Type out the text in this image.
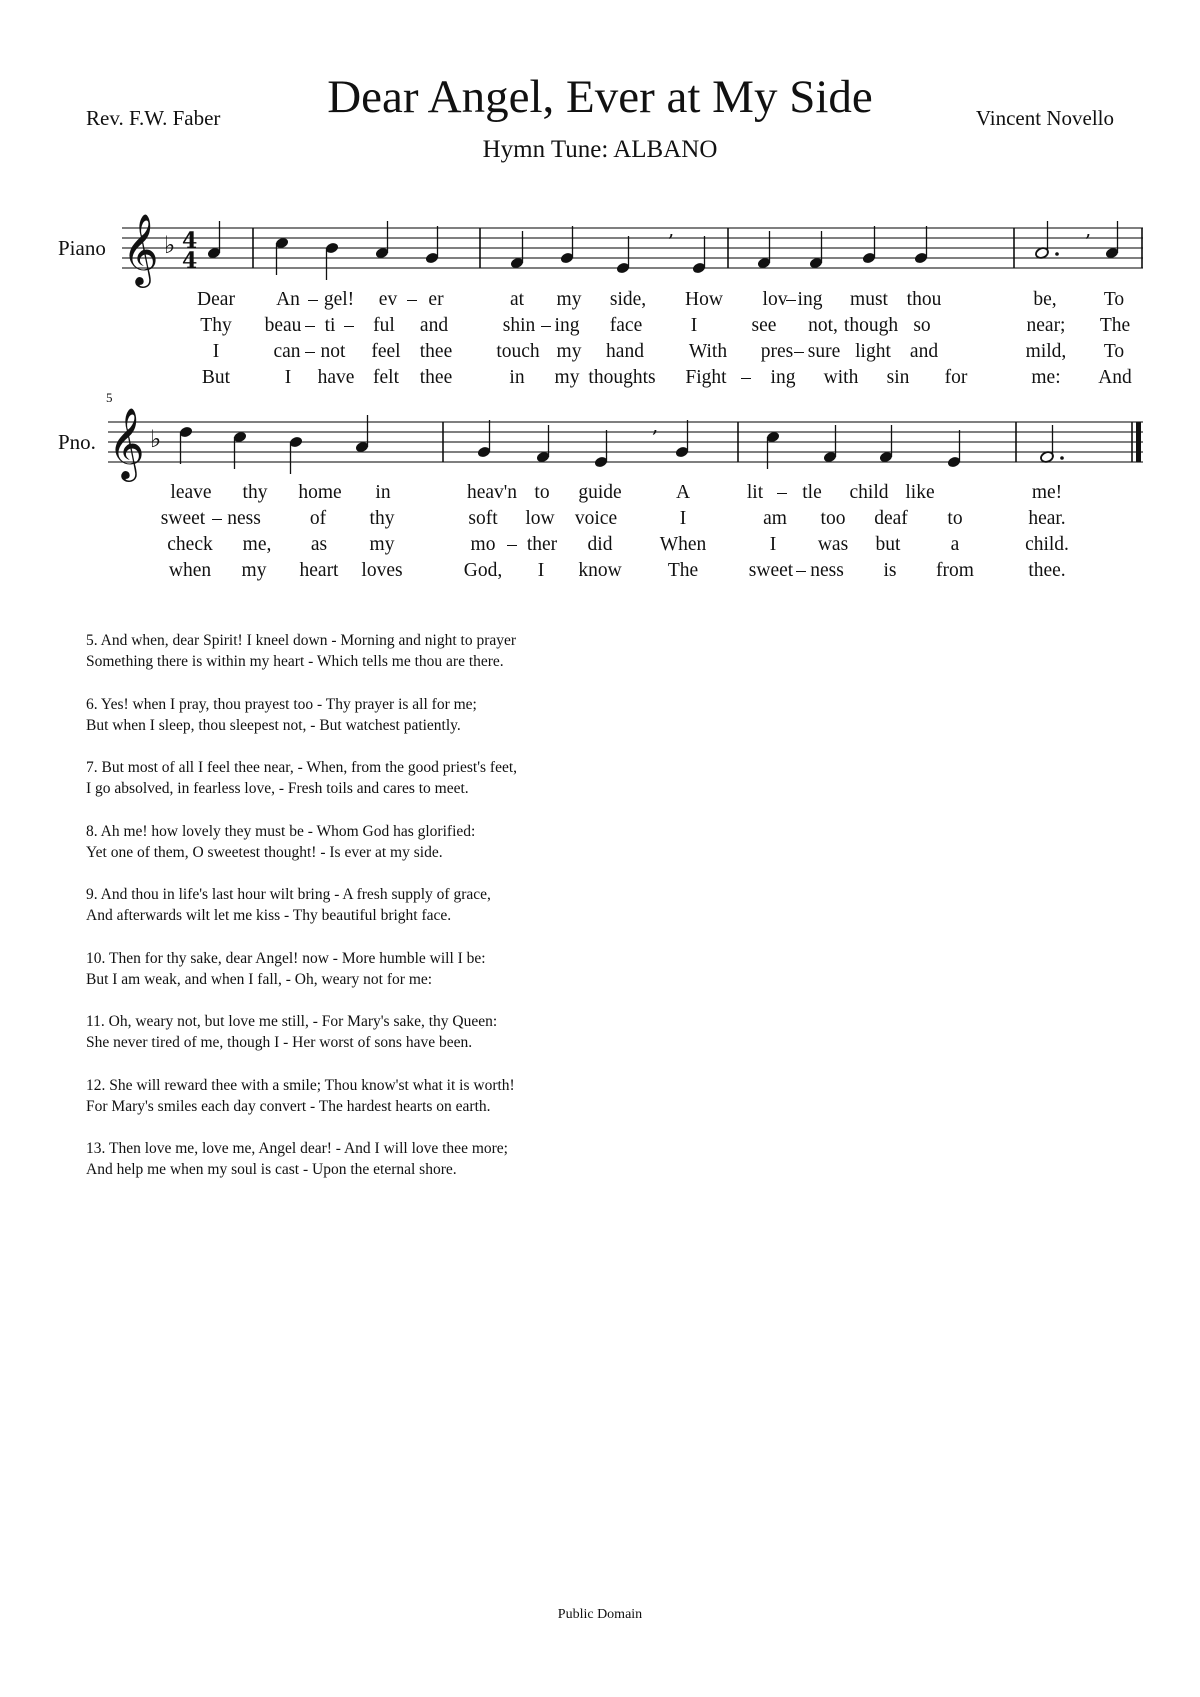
Dear Angel, Ever at My Side
Hymn Tune: ALBANO
Rev. F.W. Faber	Vincent Novello
Piano
Pno.
5
𝄞 ♭ 4
4
,	,
𝄞 ♭	,
Dear An – gel! ev – er	at my side, How lov
– ing must thou	be, To
Thy beau – ti – ful and	shin – ing face I	see not, though so	near; The
I	can – not feel thee touch my hand With pres – sure light and	mild, To
But	I have felt thee	in my thoughts Fight – ing with sin for	me: And
leave thy home in	heav'n to guide	A	lit – tle child like	me!
sweet – ness	of thy	soft low voice	I	am too deaf to	hear.
check me, as my	mo – ther did When	I was but	a	child.
when my heart loves	God, I know The	sweet – ness is from	thee.
5. And when, dear Spirit! I kneel down - Morning and night to prayer
Something there is within my heart - Which tells me thou are there.
6. Yes! when I pray, thou prayest too - Thy prayer is all for me;
But when I sleep, thou sleepest not, - But watchest patiently.
7. But most of all I feel thee near, - When, from the good priest's feet,
I go absolved, in fearless love, - Fresh toils and cares to meet.
8. Ah me! how lovely they must be - Whom God has glorified:
Yet one of them, O sweetest thought! - Is ever at my side.
9. And thou in life's last hour wilt bring - A fresh supply of grace,
And afterwards wilt let me kiss - Thy beautiful bright face.
10. Then for thy sake, dear Angel! now - More humble will I be:
But I am weak, and when I fall, - Oh, weary not for me:
11. Oh, weary not, but love me still, - For Mary's sake, thy Queen:
She never tired of me, though I - Her worst of sons have been.
12. She will reward thee with a smile; Thou know'st what it is worth!
For Mary's smiles each day convert - The hardest hearts on earth.
13. Then love me, love me, Angel dear! - And I will love thee more;
And help me when my soul is cast - Upon the eternal shore.
Public Domain
